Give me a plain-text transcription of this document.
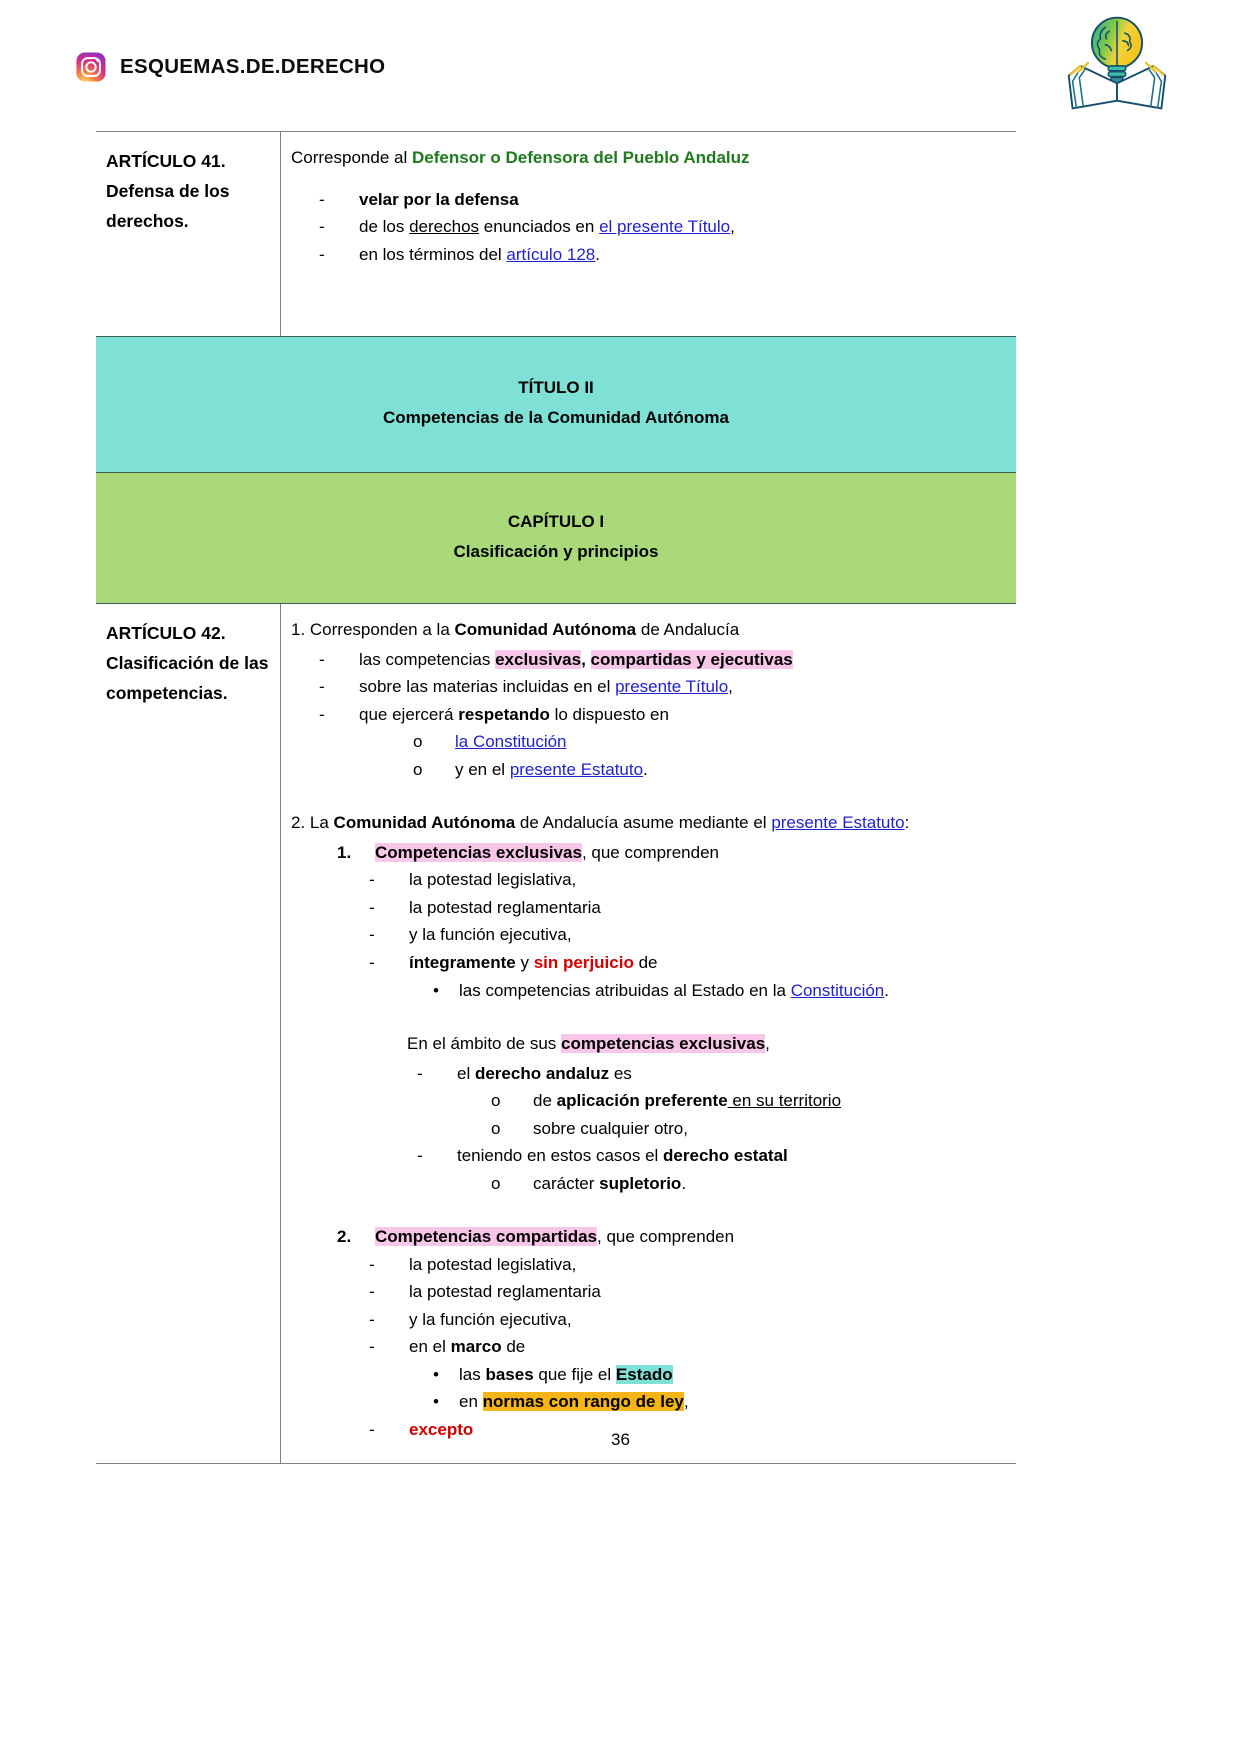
ESQUEMAS.DE.DERECHO
ARTÍCULO 41.
Defensa de los
derechos.

Corresponde al Defensor o Defensora del Pueblo Andaluz

-	velar por la defensa
-	de los derechos enunciados en el presente Título,
-	en los términos del artículo 128.
TÍTULO II
Competencias de la Comunidad Autónoma
CAPÍTULO I
Clasificación y principios
ARTÍCULO 42.
Clasificación de las
competencias.

1. Corresponden a la Comunidad Autónoma de Andalucía

-	las competencias exclusivas, compartidas y ejecutivas
-	sobre las materias incluidas en el presente Título,
-	que ejercerá respetando lo dispuesto en
o	la Constitución
o	y en el presente Estatuto.

2. La Comunidad Autónoma de Andalucía asume mediante el presente Estatuto:

1.	Competencias exclusivas, que comprenden
-	la potestad legislativa,
-	la potestad reglamentaria
-	y la función ejecutiva,
-	íntegramente y sin perjuicio de
•	las competencias atribuidas al Estado en la Constitución.

En el ámbito de sus competencias exclusivas,

-	el derecho andaluz es
o	de aplicación preferente en su territorio
o	sobre cualquier otro,
-	teniendo en estos casos el derecho estatal
o	carácter supletorio.
2.	Competencias compartidas, que comprenden
-	la potestad legislativa,
-	la potestad reglamentaria
-	y la función ejecutiva,
-	en el marco de
•	las bases que fije el Estado
•	en normas con rango de ley,
-	excepto
36
